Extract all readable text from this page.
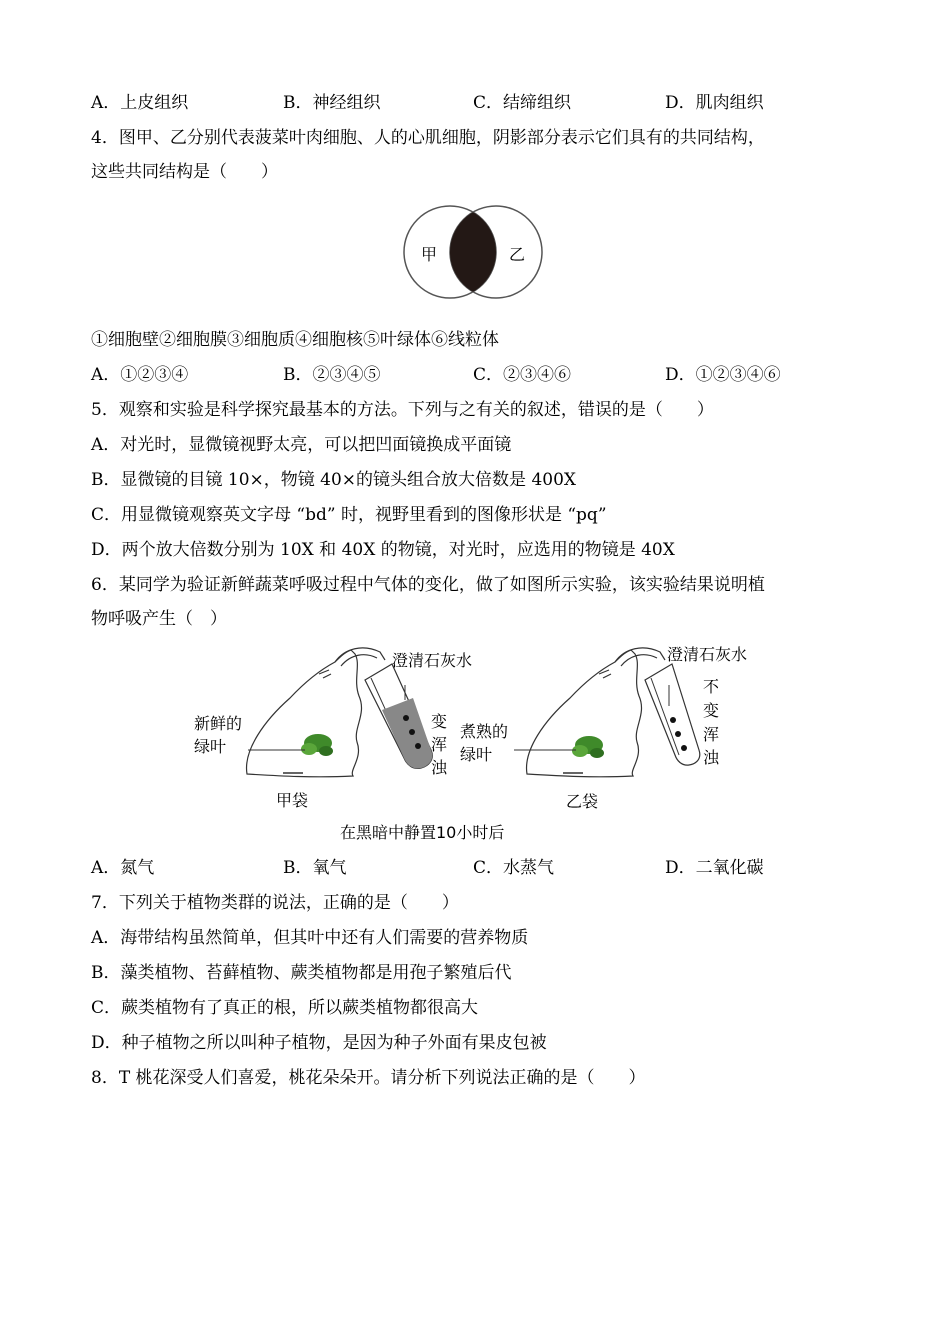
A．上皮组织	B．神经组织	C．结缔组织	D．肌肉组织
4．图甲、乙分别代表菠菜叶肉细胞、人的心肌细胞，阴影部分表示它们具有的共同结构，
这些共同结构是（　　）
甲	乙
①细胞壁②细胞膜③细胞质④细胞核⑤叶绿体⑥线粒体
A．①②③④	B．②③④⑤	C．②③④⑥	D．①②③④⑥
5．观察和实验是科学探究最基本的方法。下列与之有关的叙述，错误的是（　　）
A．对光时，显微镜视野太亮，可以把凹面镜换成平面镜
B．显微镜的目镜 10×，物镜 40×的镜头组合放大倍数是 400X
C．用显微镜观察英文字母 “bd” 时，视野里看到的图像形状是 “pq”
D．两个放大倍数分别为 10X 和 40X 的物镜，对光时，应选用的物镜是 40X
6．某同学为验证新鲜蔬菜呼吸过程中气体的变化，做了如图所示实验，该实验结果说明植
物呼吸产生（　）
澄清石灰水
变
浑
浊
新鲜的
绿叶
甲袋
澄清石灰水
不
变
浑
浊
煮熟的
绿叶
乙袋
在黑暗中静置10小时后
A．氮气	B．氧气	C．水蒸气	D．二氧化碳
7．下列关于植物类群的说法，正确的是（　　）
A．海带结构虽然简单，但其叶中还有人们需要的营养物质
B．藻类植物、苔藓植物、蕨类植物都是用孢子繁殖后代
C．蕨类植物有了真正的根，所以蕨类植物都很高大
D．种子植物之所以叫种子植物，是因为种子外面有果皮包被
8．T 桃花深受人们喜爱，桃花朵朵开。请分析下列说法正确的是（　　）
